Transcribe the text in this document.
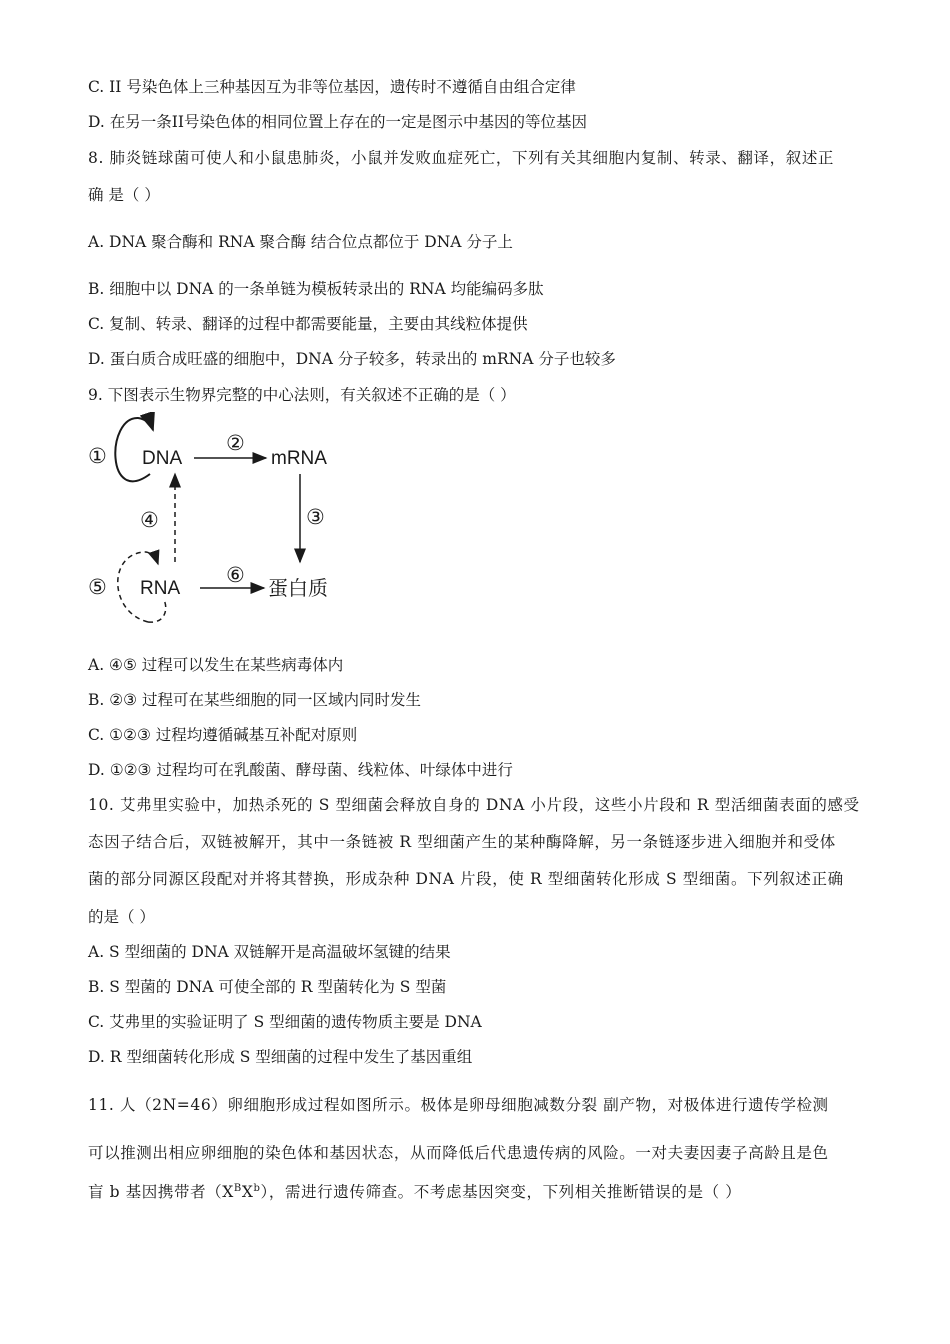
C. II 号染色体上三种基因互为非等位基因，遗传时不遵循自由组合定律
D. 在另一条II号染色体的相同位置上存在的一定是图示中基因的等位基因
8. 肺炎链球菌可使人和小鼠患肺炎，小鼠并发败血症死亡，下列有关其细胞内复制、转录、翻译，叙述正
确 是（ ）
A. DNA 聚合酶和 RNA 聚合酶 结合位点都位于 DNA 分子上
B. 细胞中以 DNA 的一条单链为模板转录出的 RNA 均能编码多肽
C. 复制、转录、翻译的过程中都需要能量，主要由其线粒体提供
D. 蛋白质合成旺盛的细胞中，DNA 分子较多，转录出的 mRNA 分子也较多
9. 下图表示生物界完整的中心法则，有关叙述不正确的是（ ）
① DNA
②
mRNA
③
④
⑤ RNA
⑥
蛋白质
A. ④⑤ 过程可以发生在某些病毒体内
B. ②③ 过程可在某些细胞的同一区域内同时发生
C. ①②③ 过程均遵循碱基互补配对原则
D. ①②③ 过程均可在乳酸菌、酵母菌、线粒体、叶绿体中进行
10. 艾弗里实验中，加热杀死的 S 型细菌会释放自身的 DNA 小片段，这些小片段和 R 型活细菌表面的感受
态因子结合后，双链被解开，其中一条链被 R 型细菌产生的某种酶降解，另一条链逐步进入细胞并和受体
菌的部分同源区段配对并将其替换，形成杂种 DNA 片段，使 R 型细菌转化形成 S 型细菌。下列叙述正确
的是（ ）
A. S 型细菌的 DNA 双链解开是高温破坏氢键的结果
B. S 型菌的 DNA 可使全部的 R 型菌转化为 S 型菌
C. 艾弗里的实验证明了 S 型细菌的遗传物质主要是 DNA
D. R 型细菌转化形成 S 型细菌的过程中发生了基因重组
11. 人（2N=46）卵细胞形成过程如图所示。极体是卵母细胞减数分裂 副产物，对极体进行遗传学检测
可以推测出相应卵细胞的染色体和基因状态，从而降低后代患遗传病的风险。一对夫妻因妻子高龄且是色
盲 b 基因携带者$(X^BX^b)$，需进行遗传筛查。不考虑基因突变，下列相关推断错误的是（ ）
